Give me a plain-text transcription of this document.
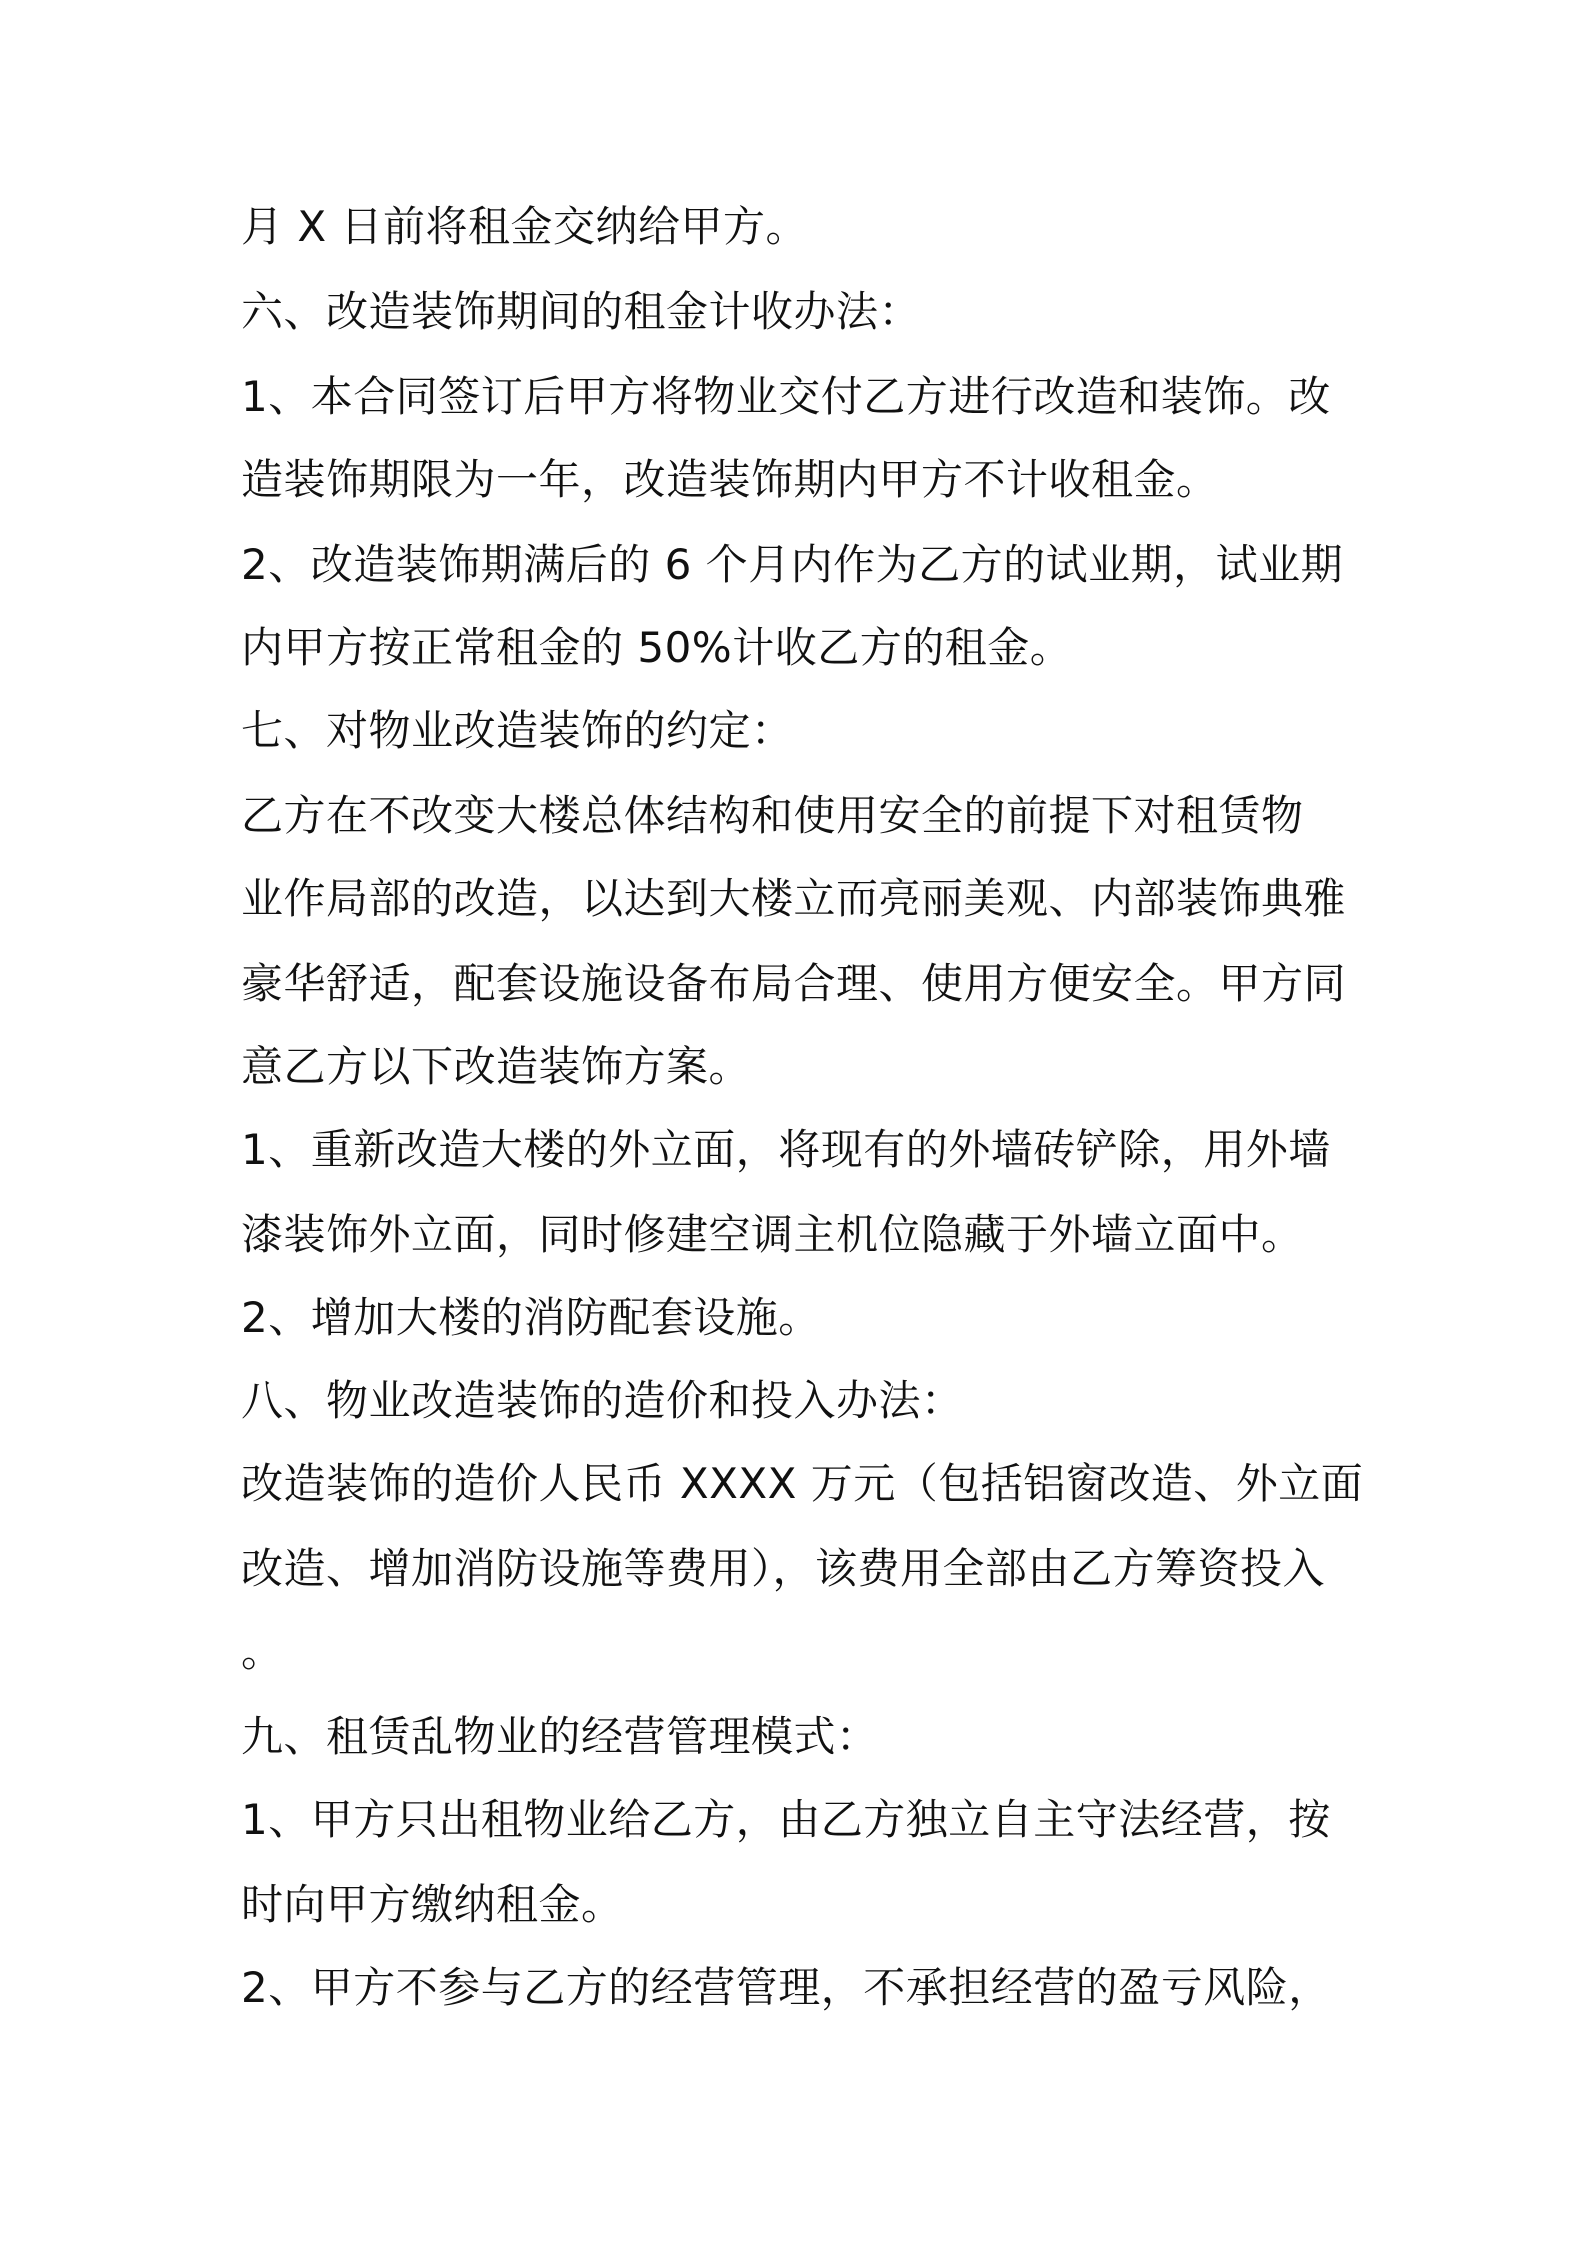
月 X 日前将租金交纳给甲方。
六、改造装饰期间的租金计收办法：
1、本合同签订后甲方将物业交付乙方进行改造和装饰。改
造装饰期限为一年，改造装饰期内甲方不计收租金。
2、改造装饰期满后的 6 个月内作为乙方的试业期，试业期
内甲方按正常租金的 50%计收乙方的租金。
七、对物业改造装饰的约定：
乙方在不改变大楼总体结构和使用安全的前提下对租赁物
业作局部的改造，以达到大楼立而亮丽美观、内部装饰典雅
豪华舒适，配套设施设备布局合理、使用方便安全。甲方同
意乙方以下改造装饰方案。
1、重新改造大楼的外立面，将现有的外墙砖铲除，用外墙
漆装饰外立面，同时修建空调主机位隐藏于外墙立面中。
2、增加大楼的消防配套设施。
八、物业改造装饰的造价和投入办法：
改造装饰的造价人民币 XXXX 万元（包括铝窗改造、外立面
改造、增加消防设施等费用），该费用全部由乙方筹资投入
。
九、租赁乱物业的经营管理模式：
1、甲方只出租物业给乙方，由乙方独立自主守法经营，按
时向甲方缴纳租金。
2、甲方不参与乙方的经营管理，不承担经营的盈亏风险，
